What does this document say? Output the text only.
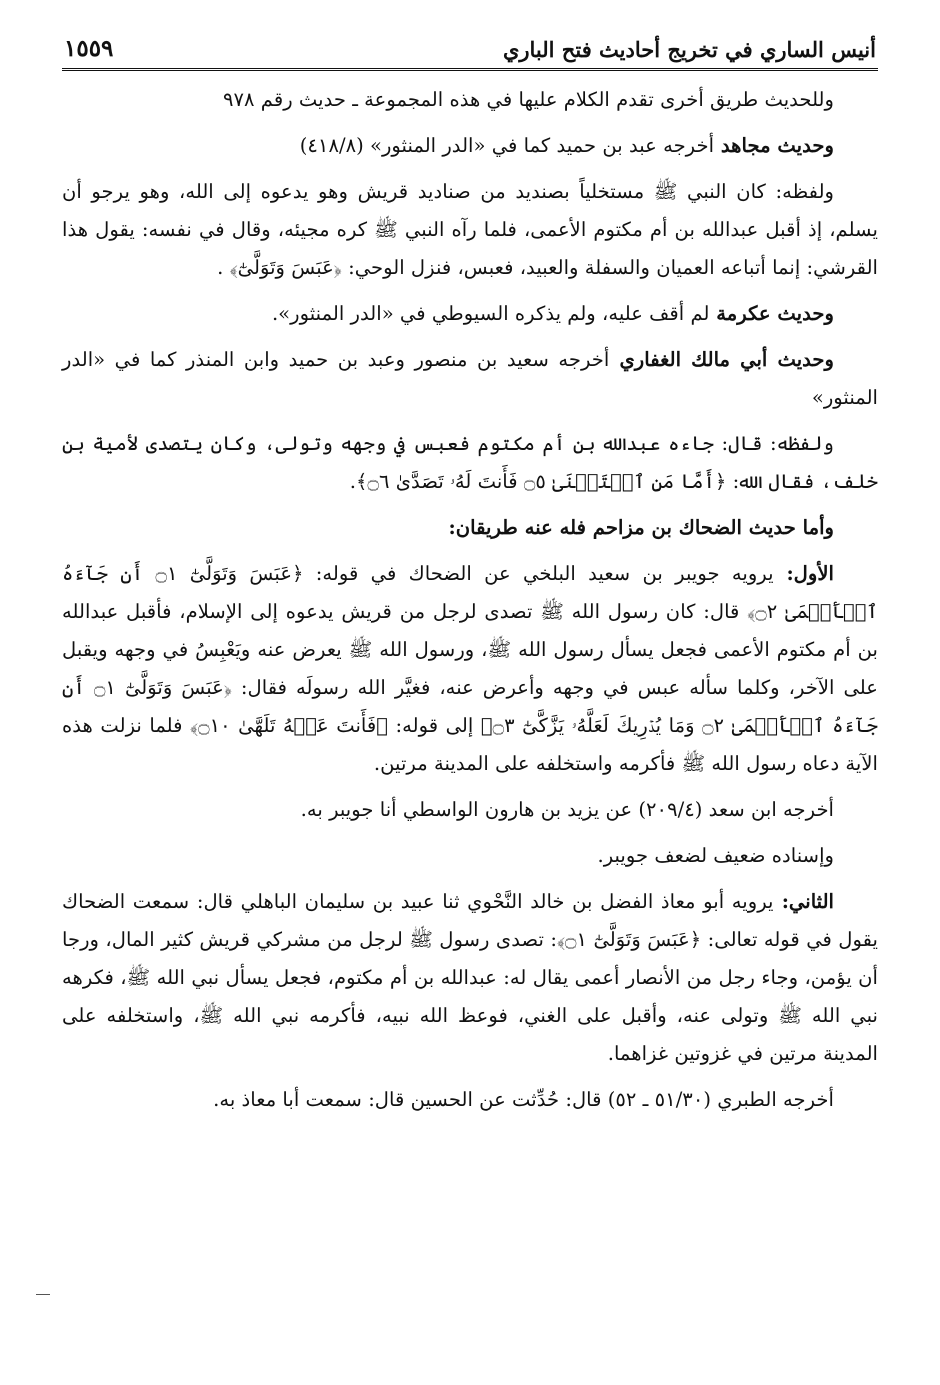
أنيس الساري في تخريج أحاديث فتح الباري
١٥٥٩

وللحديث طريق أخرى تقدم الكلام عليها في هذه المجموعة ـ حديث رقم ٩٧٨

وحديث مجاهد أخرجه عبد بن حميد كما في «الدر المنثور» (٤١٨/٨)

ولفظه: كان النبي ﷺ مستخلياً بصنديد من صناديد قريش وهو يدعوه إلى الله، وهو يرجو أن يسلم، إذ أقبل عبدالله بن أم مكتوم الأعمى، فلما رآه النبي ﷺ كره مجيئه، وقال في نفسه: يقول هذا القرشي: إنما أتباعه العميان والسفلة والعبيد، فعبس، فنزل الوحي: ﴿عَبَسَ وَتَوَلَّىٰٓ﴾ .

وحديث عكرمة لم أقف عليه، ولم يذكره السيوطي في «الدر المنثور».

وحديث أبي مالك الغفاري أخرجه سعيد بن منصور وعبد بن حميد وابن المنذر كما في «الدر المنثور»

ولفظه: قال: جاءه عبدالله بن أم مكتوم فعبس في وجهه وتولى، وكان يتصدى لأمية بن خلف، فقال الله: ﴿أَمَّا مَنِ ٱسۡتَغۡنَىٰ ۝٥ فَأَنتَ لَهُۥ تَصَدَّىٰ ۝٦﴾.

وأما حديث الضحاك بن مزاحم فله عنه طريقان:

الأول: يرويه جويبر بن سعيد البلخي عن الضحاك في قوله: ﴿عَبَسَ وَتَوَلَّىٰٓ ۝١ أَن جَآءَهُ ٱلۡأَعۡمَىٰ ۝٢﴾ قال: كان رسول الله ﷺ تصدى لرجل من قريش يدعوه إلى الإسلام، فأقبل عبدالله بن أم مكتوم الأعمى فجعل يسأل رسول الله ﷺ، ورسول الله ﷺ يعرض عنه ويَعْبِسُ في وجهه ويقبل على الآخر، وكلما سأله عبس في وجهه وأعرض عنه، فغيَّر الله رسولَه فقال: ﴿عَبَسَ وَتَوَلَّىٰٓ ۝١ أَن جَآءَهُ ٱلۡأَعۡمَىٰ ۝٢ وَمَا يُدۡرِيكَ لَعَلَّهُۥ يَزَّكَّىٰٓ ۝٣﴾ إلى قوله: ﴿فَأَنتَ عَنۡهُ تَلَهَّىٰ ۝١٠﴾ فلما نزلت هذه الآية دعاه رسول الله ﷺ فأكرمه واستخلفه على المدينة مرتين.

أخرجه ابن سعد (٢٠٩/٤) عن يزيد بن هارون الواسطي أنا جويبر به.

وإسناده ضعيف لضعف جويبر.

الثاني: يرويه أبو معاذ الفضل بن خالد النَّحْوي ثنا عبيد بن سليمان الباهلي قال: سمعت الضحاك يقول في قوله تعالى: ﴿عَبَسَ وَتَوَلَّىٰٓ ۝١﴾: تصدى رسول ﷺ لرجل من مشركي قريش كثير المال، ورجا أن يؤمن، وجاء رجل من الأنصار أعمى يقال له: عبدالله بن أم مكتوم، فجعل يسأل نبي الله ﷺ، فكرهه نبي الله ﷺ وتولى عنه، وأقبل على الغني، فوعظ الله نبيه، فأكرمه نبي الله ﷺ، واستخلفه على المدينة مرتين في غزوتين غزاهما.

أخرجه الطبري (٥١/٣٠ ـ ٥٢) قال: حُدِّثت عن الحسين قال: سمعت أبا معاذ به.
